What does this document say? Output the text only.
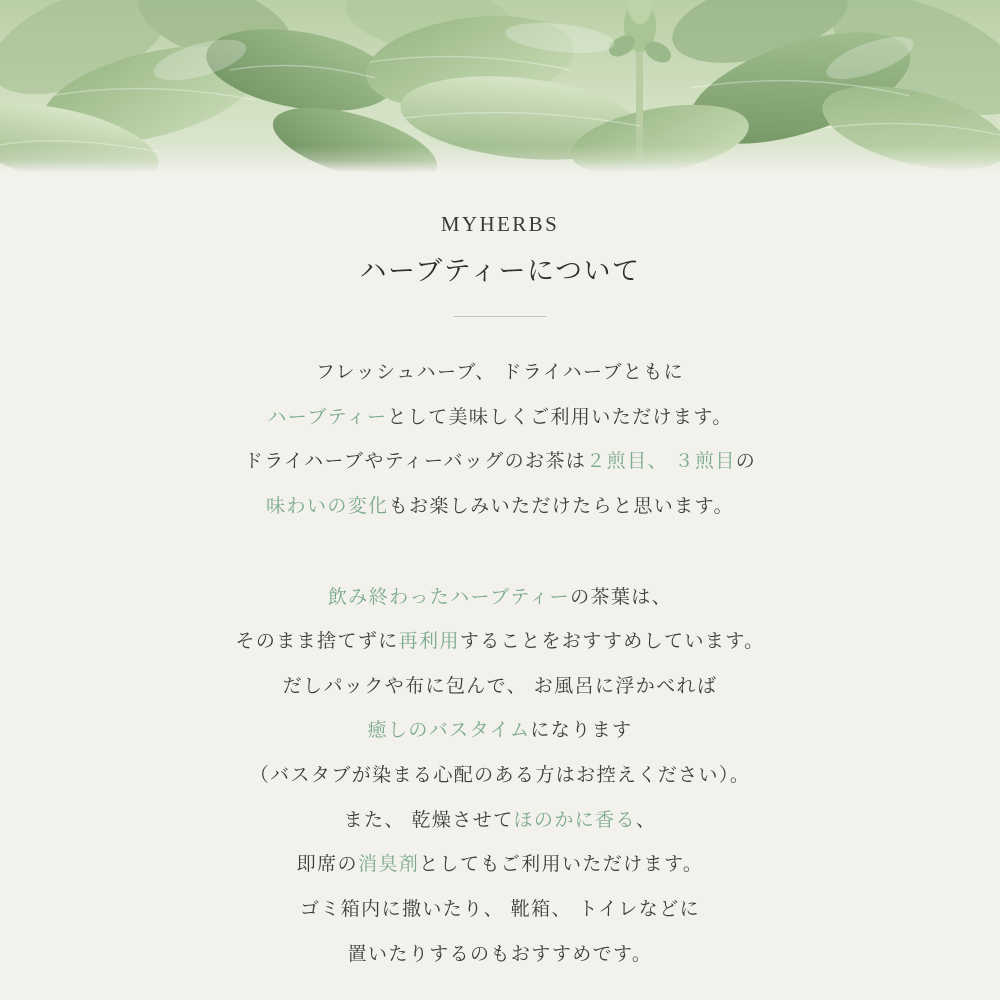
MYHERBS
ハーブティーについて
フレッシュハーブ、 ドライハーブともに
ハーブティーとして美味しくご利用いただけます。
ドライハーブやティーバッグのお茶は２煎目、 ３煎目の
味わいの変化もお楽しみいただけたらと思います。
飲み終わったハーブティーの茶葉は、
そのまま捨てずに再利用することをおすすめしています。
だしパックや布に包んで、 お風呂に浮かべれば
癒しのバスタイムになります
（バスタブが染まる心配のある方はお控えください）。
また、 乾燥させてほのかに香る、
即席の消臭剤としてもご利用いただけます。
ゴミ箱内に撒いたり、 靴箱、 トイレなどに
置いたりするのもおすすめです。
